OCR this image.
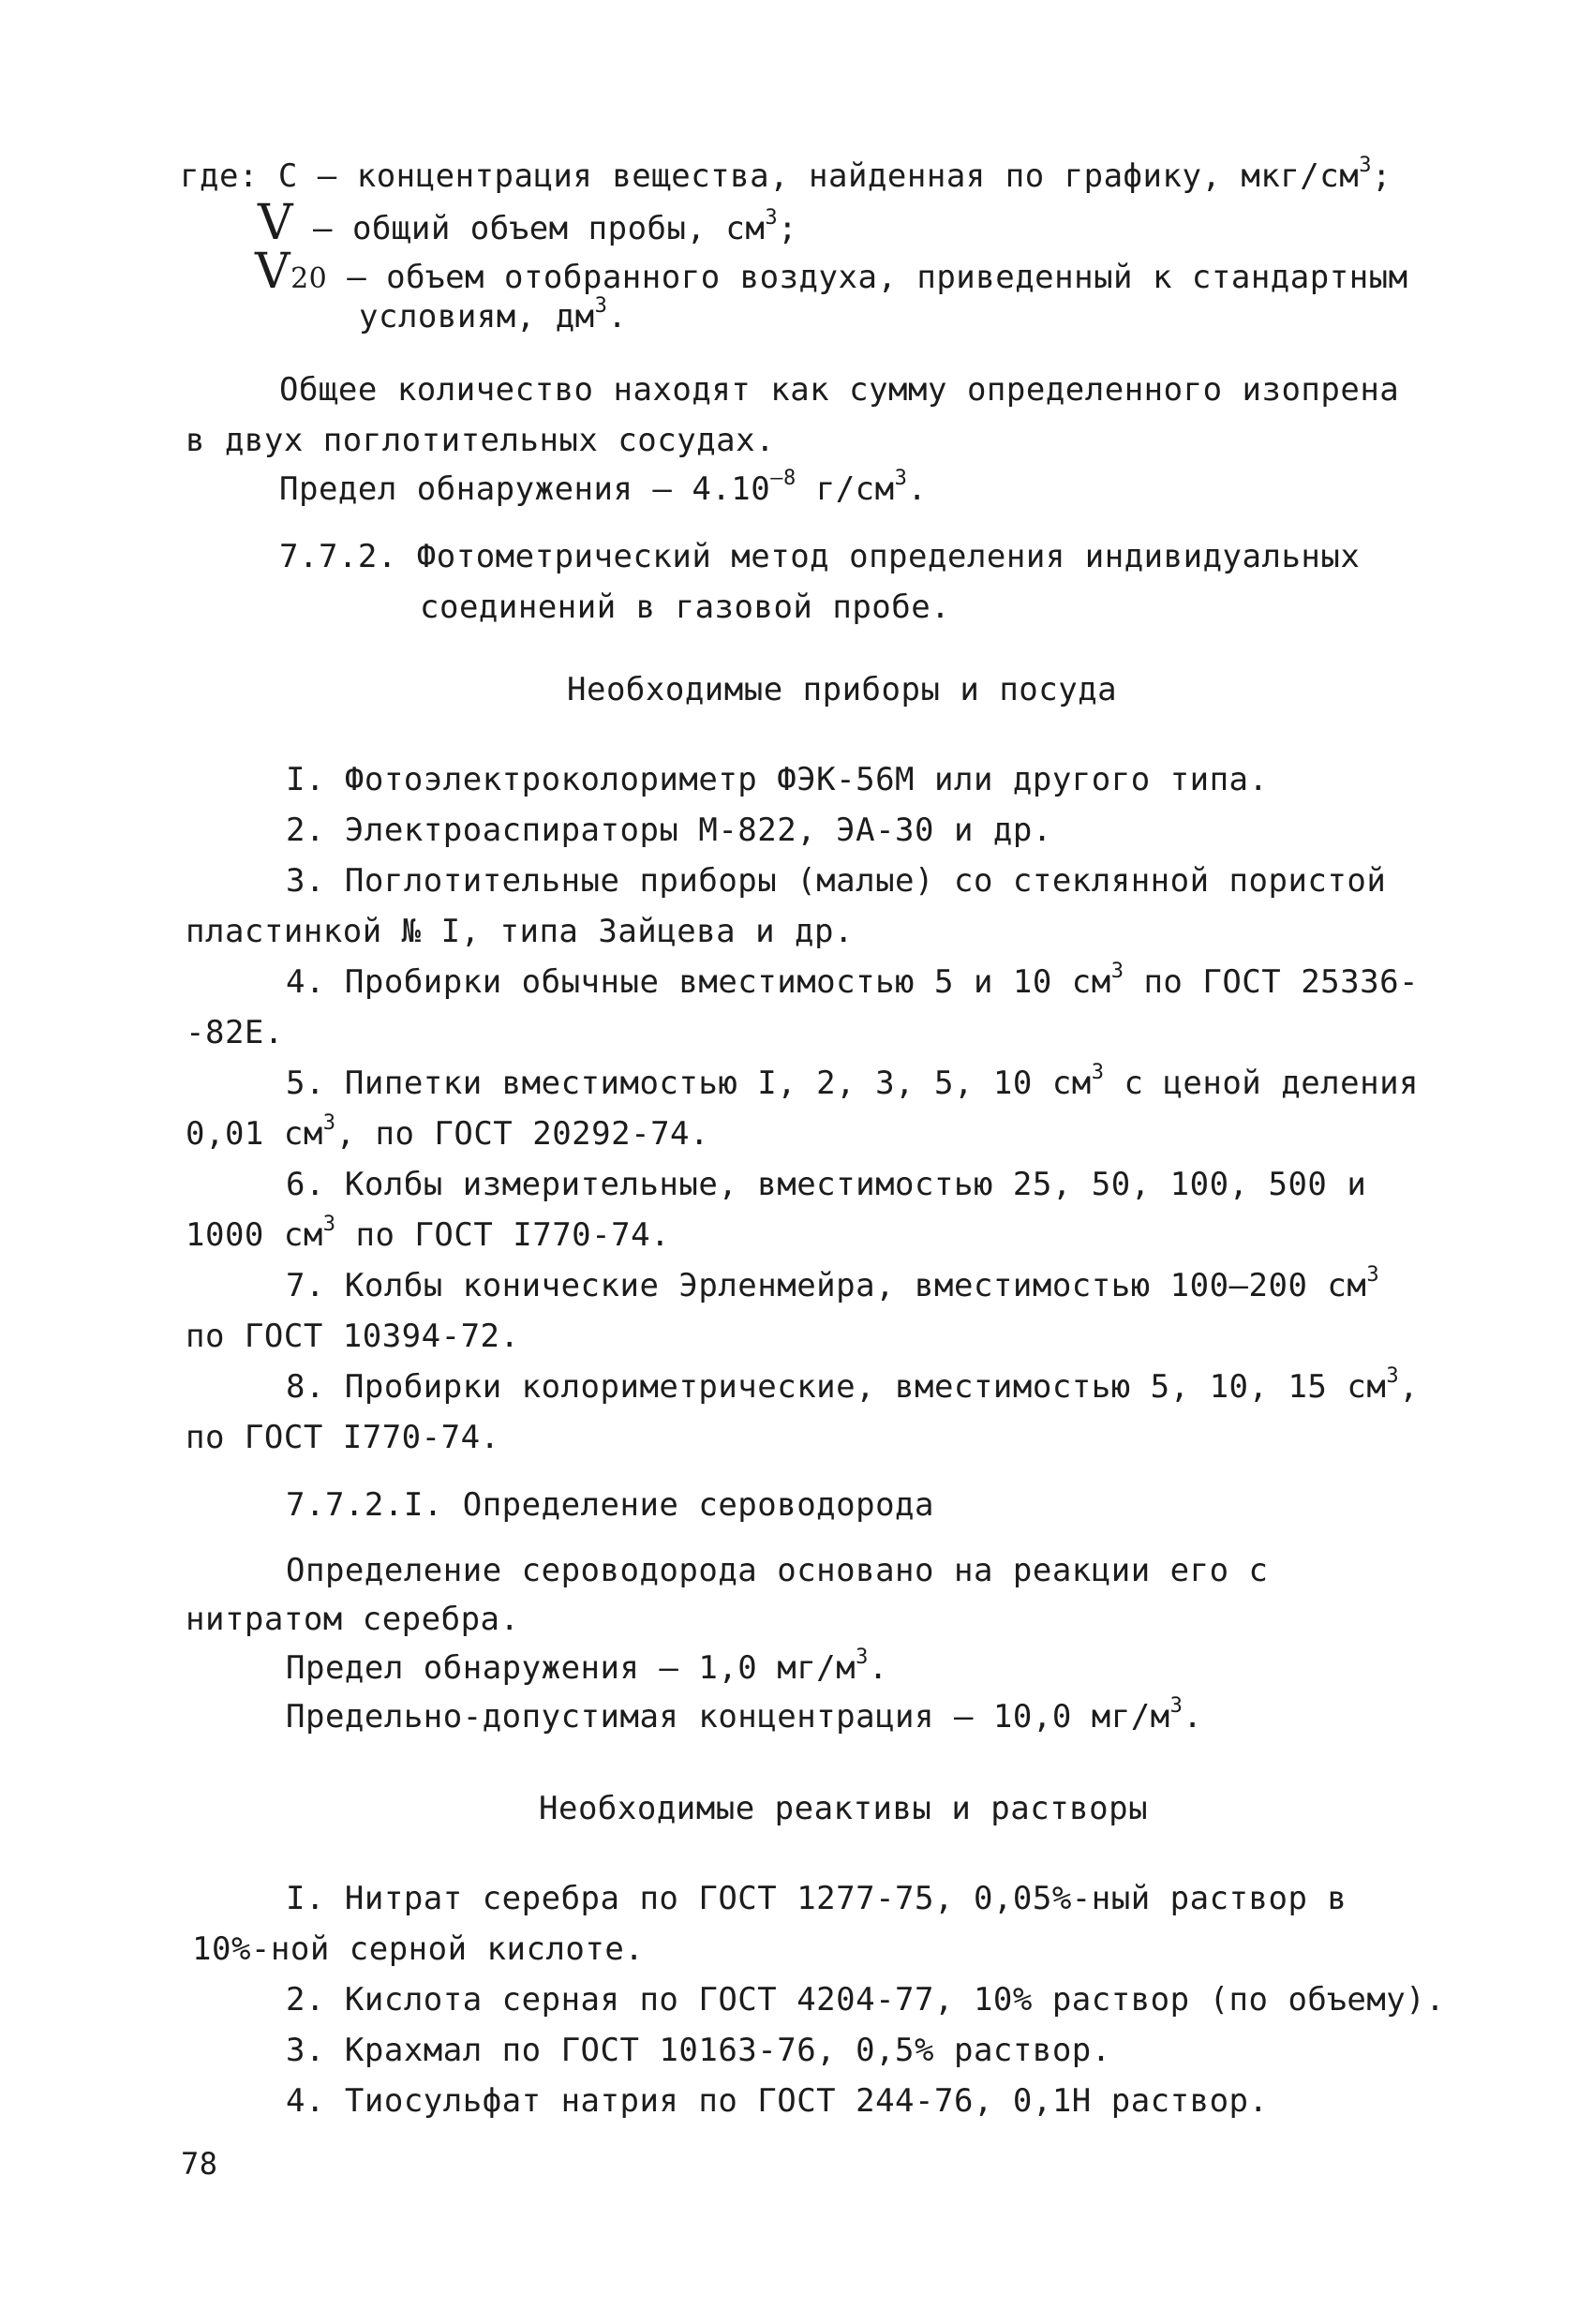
где: С – концентрация вещества, найденная по графику, мкг/$см^3$;
V – общий объем пробы, $см^3$;
V20 – объем отобранного воздуха, приведенный к стандартным
условиям, $дм^3$.
Общее количество находят как сумму определенного изопрена
в двух поглотительных сосудах.
Предел обнаружения – $4.10^{-8}$ $г/см^3$.
7.7.2. Фотометрический метод определения индивидуальных
соединений в газовой пробе.
Необходимые приборы и посуда
I. Фотоэлектроколориметр ФЭК-56М или другого типа.
2. Электроаспираторы М-822, ЭА-30 и др.
3. Поглотительные приборы (малые) со стеклянной пористой
пластинкой № I, типа Зайцева и др.
4. Пробирки обычные вместимостью 5 и 10 $см^3$ по ГОСТ 25336-
-82Е.
5. Пипетки вместимостью I, 2, 3, 5, 10 $см^3$ с ценой деления
0,01 $см^3$, по ГОСТ 20292-74.
6. Колбы измерительные, вместимостью 25, 50, 100, 500 и
1000 $см^3$ по ГОСТ I770-74.
7. Колбы конические Эрленмейра, вместимостью 100–200 $см^3$
по ГОСТ 10394-72.
8. Пробирки колориметрические, вместимостью 5, 10, 15 $см^3$,
по ГОСТ I770-74.
7.7.2.I. Определение сероводорода
Определение сероводорода основано на реакции его с
нитратом серебра.
Предел обнаружения – 1,0 $мг/м^3$.
Предельно-допустимая концентрация – 10,0 $мг/м^3$.
Необходимые реактивы и растворы
I. Нитрат серебра по ГОСТ 1277-75, 0,05%-ный раствор в
10%-ной серной кислоте.
2. Кислота серная по ГОСТ 4204-77, 10% раствор (по объему).
3. Крахмал по ГОСТ 10163-76, 0,5% раствор.
4. Тиосульфат натрия по ГОСТ 244-76, 0,1Н раствор.
78
